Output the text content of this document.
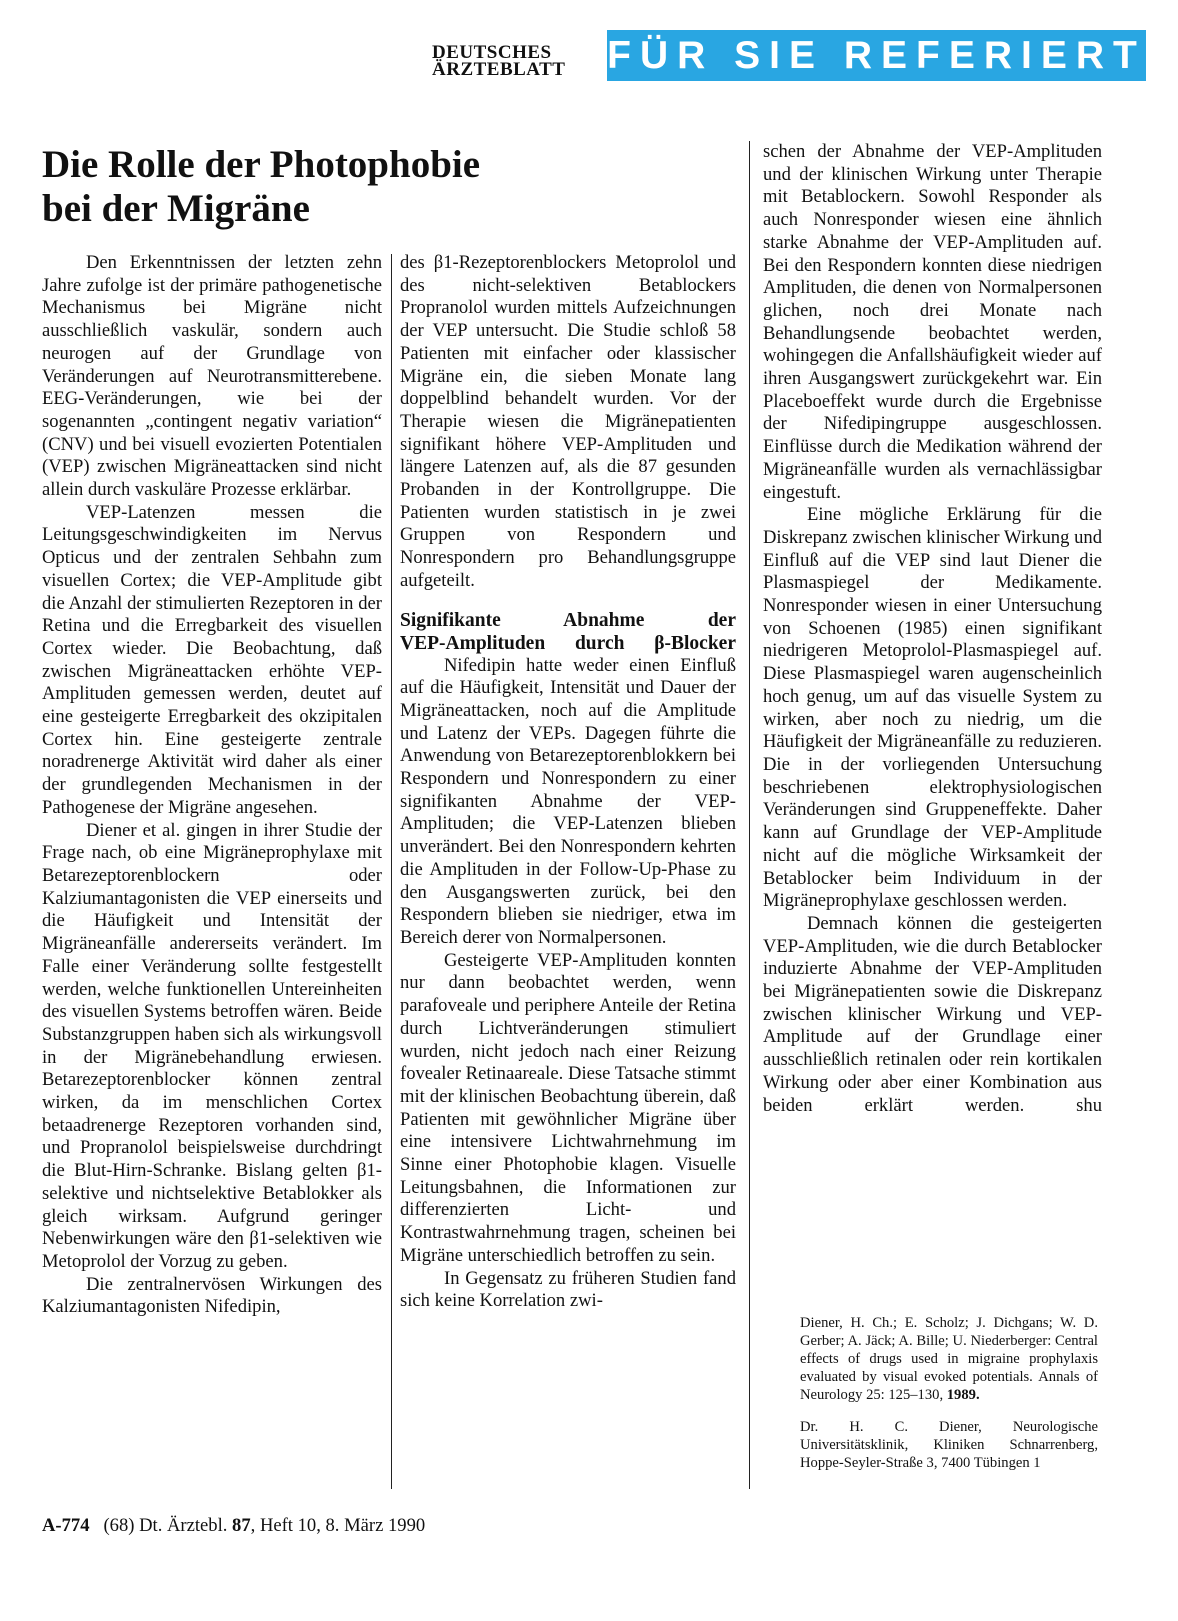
DEUTSCHES
ÄRZTEBLATT FÜR SIE REFERIERT
Die Rolle der Photophobie
bei der Migräne

Den Erkenntnissen der letzten zehn Jahre zufolge ist der primäre pathogenetische Mechanismus bei Migräne nicht ausschließlich vaskulär, sondern auch neurogen auf der Grundlage von Veränderungen auf Neurotransmitterebene. EEG-Veränderungen, wie bei der sogenannten „contingent negativ variation“ (CNV) und bei visuell evozierten Potentialen (VEP) zwischen Migräneattacken sind nicht allein durch vaskuläre Prozesse erklärbar.

VEP-Latenzen messen die Leitungsgeschwindigkeiten im Nervus Opticus und der zentralen Sehbahn zum visuellen Cortex; die VEP-Amplitude gibt die Anzahl der stimulierten Rezeptoren in der Retina und die Erregbarkeit des visuellen Cortex wieder. Die Beobachtung, daß zwischen Migräneattacken erhöhte VEP-Amplituden gemessen werden, deutet auf eine gesteigerte Erregbarkeit des okzipitalen Cortex hin. Eine gesteigerte zentrale noradrenerge Aktivität wird daher als einer der grundlegenden Mechanismen in der Pathogenese der Migräne angesehen.

Diener et al. gingen in ihrer Studie der Frage nach, ob eine Migräneprophylaxe mit Betarezeptorenblockern oder Kalziumantagonisten die VEP einerseits und die Häufigkeit und Intensität der Migräneanfälle andererseits verändert. Im Falle einer Veränderung sollte festgestellt werden, welche funktionellen Untereinheiten des visuellen Systems betroffen wären. Beide Substanzgruppen haben sich als wirkungsvoll in der Migränebehandlung erwiesen. Betarezeptorenblocker können zentral wirken, da im menschlichen Cortex betaadrenerge Rezeptoren vorhanden sind, und Propranolol beispielsweise durchdringt die Blut-Hirn-Schranke. Bislang gelten β1-selektive und nichtselektive Betablokker als gleich wirksam. Aufgrund geringer Nebenwirkungen wäre den β1-selektiven wie Metoprolol der Vorzug zu geben.

Die zentralnervösen Wirkungen des Kalziumantagonisten Nifedipin,

des β1-Rezeptorenblockers Metoprolol und des nicht-selektiven Betablockers Propranolol wurden mittels Aufzeichnungen der VEP untersucht. Die Studie schloß 58 Patienten mit einfacher oder klassischer Migräne ein, die sieben Monate lang doppelblind behandelt wurden. Vor der Therapie wiesen die Migränepatienten signifikant höhere VEP-Amplituden und längere Latenzen auf, als die 87 gesunden Probanden in der Kontrollgruppe. Die Patienten wurden statistisch in je zwei Gruppen von Respondern und Nonrespondern pro Behandlungsgruppe aufgeteilt.

Signifikante Abnahme der

VEP-Amplituden durch β-Blocker

Nifedipin hatte weder einen Einfluß auf die Häufigkeit, Intensität und Dauer der Migräneattacken, noch auf die Amplitude und Latenz der VEPs. Dagegen führte die Anwendung von Betarezeptorenblokkern bei Respondern und Nonrespondern zu einer signifikanten Abnahme der VEP-Amplituden; die VEP-Latenzen blieben unverändert. Bei den Nonrespondern kehrten die Amplituden in der Follow-Up-Phase zu den Ausgangswerten zurück, bei den Respondern blieben sie niedriger, etwa im Bereich derer von Normalpersonen.

Gesteigerte VEP-Amplituden konnten nur dann beobachtet werden, wenn parafoveale und periphere Anteile der Retina durch Lichtveränderungen stimuliert wurden, nicht jedoch nach einer Reizung fovealer Retinaareale. Diese Tatsache stimmt mit der klinischen Beobachtung überein, daß Patienten mit gewöhnlicher Migräne über eine intensivere Lichtwahrnehmung im Sinne einer Photophobie klagen. Visuelle Leitungsbahnen, die Informationen zur differenzierten Licht- und Kontrastwahrnehmung tragen, scheinen bei Migräne unterschiedlich betroffen zu sein.

In Gegensatz zu früheren Studien fand sich keine Korrelation zwi-

schen der Abnahme der VEP-Amplituden und der klinischen Wirkung unter Therapie mit Betablockern. Sowohl Responder als auch Nonresponder wiesen eine ähnlich starke Abnahme der VEP-Amplituden auf. Bei den Respondern konnten diese niedrigen Amplituden, die denen von Normalpersonen glichen, noch drei Monate nach Behandlungsende beobachtet werden, wohingegen die Anfallshäufigkeit wieder auf ihren Ausgangswert zurückgekehrt war. Ein Placeboeffekt wurde durch die Ergebnisse der Nifedipingruppe ausgeschlossen. Einflüsse durch die Medikation während der Migräneanfälle wurden als vernachlässigbar eingestuft.

Eine mögliche Erklärung für die Diskrepanz zwischen klinischer Wirkung und Einfluß auf die VEP sind laut Diener die Plasmaspiegel der Medikamente. Nonresponder wiesen in einer Untersuchung von Schoenen (1985) einen signifikant niedrigeren Metoprolol-Plasmaspiegel auf. Diese Plasmaspiegel waren augenscheinlich hoch genug, um auf das visuelle System zu wirken, aber noch zu niedrig, um die Häufigkeit der Migräneanfälle zu reduzieren. Die in der vorliegenden Untersuchung beschriebenen elektrophysiologischen Veränderungen sind Gruppeneffekte. Daher kann auf Grundlage der VEP-Amplitude nicht auf die mögliche Wirksamkeit der Betablocker beim Individuum in der Migräneprophylaxe geschlossen werden.

Demnach können die gesteigerten VEP-Amplituden, wie die durch Betablocker induzierte Abnahme der VEP-Amplituden bei Migränepatienten sowie die Diskrepanz zwischen klinischer Wirkung und VEP-Amplitude auf der Grundlage einer ausschließlich retinalen oder rein kortikalen Wirkung oder aber einer Kombination aus beiden erklärt werden.	shu

Diener, H. Ch.; E. Scholz; J. Dichgans; W. D. Gerber; A. Jäck; A. Bille; U. Niederberger: Central effects of drugs used in migraine prophylaxis evaluated by visual evoked potentials. Annals of Neurology 25: 125–130, 1989.

Dr. H. C. Diener, Neurologische Universitätsklinik, Kliniken Schnarrenberg, Hoppe-Seyler-Straße 3, 7400 Tübingen 1

A-774 (68) Dt. Ärztebl. 87, Heft 10, 8. März 1990
